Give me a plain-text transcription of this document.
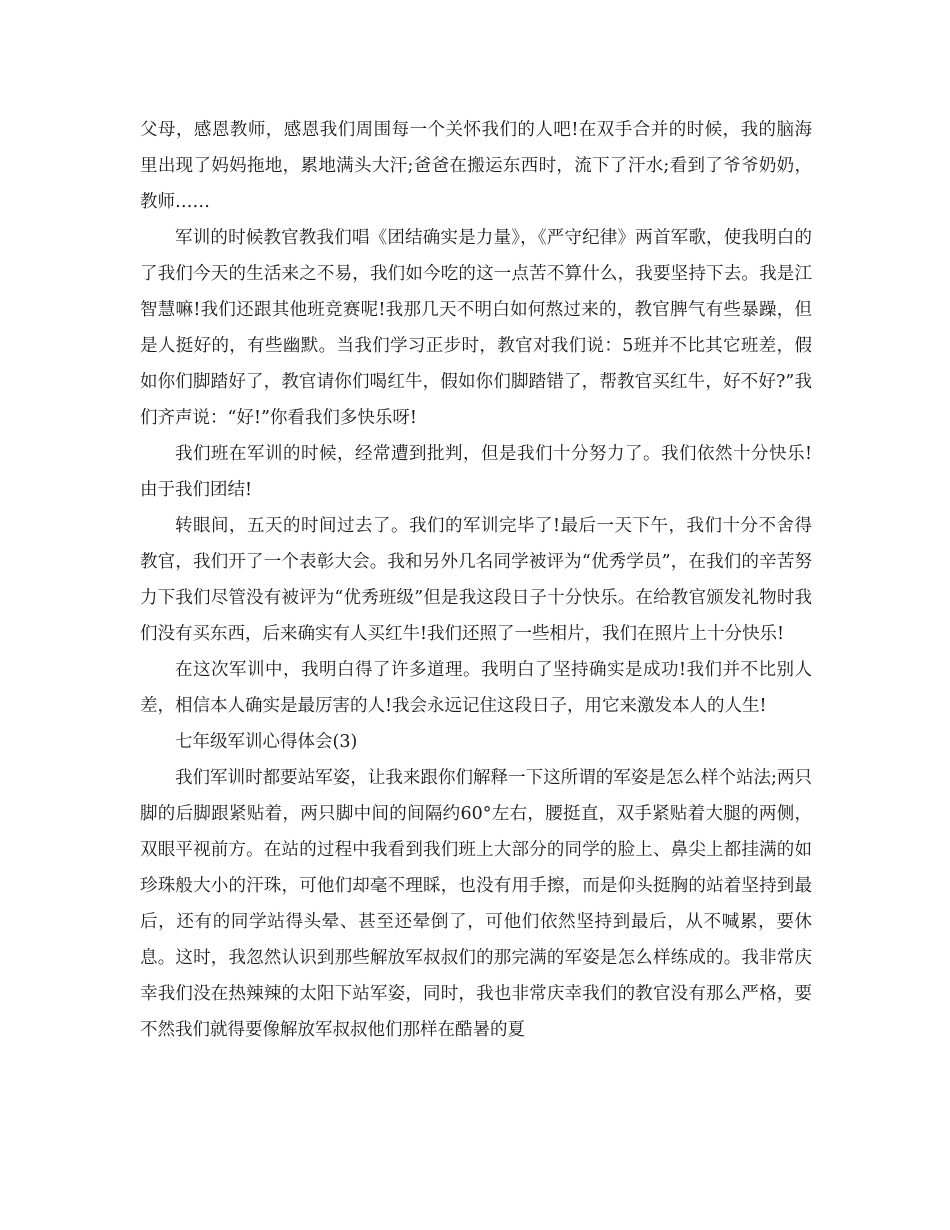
父母，感恩教师，感恩我们周围每一个关怀我们的人吧!在双手合并的时候，我的脑海里出现了妈妈拖地，累地满头大汗;爸爸在搬运东西时，流下了汗水;看到了爷爷奶奶，教师……

军训的时候教官教我们唱《团结确实是力量》，《严守纪律》两首军歌，使我明白的了我们今天的生活来之不易，我们如今吃的这一点苦不算什么，我要坚持下去。我是江智慧嘛!我们还跟其他班竞赛呢!我那几天不明白如何熬过来的，教官脾气有些暴躁，但是人挺好的，有些幽默。当我们学习正步时，教官对我们说：5班并不比其它班差，假如你们脚踏好了，教官请你们喝红牛，假如你们脚踏错了，帮教官买红牛，好不好?”我们齐声说：“好!”你看我们多快乐呀!

我们班在军训的时候，经常遭到批判，但是我们十分努力了。我们依然十分快乐!由于我们团结!

转眼间，五天的时间过去了。我们的军训完毕了!最后一天下午，我们十分不舍得教官，我们开了一个表彰大会。我和另外几名同学被评为“优秀学员”，在我们的辛苦努力下我们尽管没有被评为“优秀班级”但是我这段日子十分快乐。在给教官颁发礼物时我们没有买东西，后来确实有人买红牛!我们还照了一些相片，我们在照片上十分快乐!

在这次军训中，我明白得了许多道理。我明白了坚持确实是成功!我们并不比别人差，相信本人确实是最厉害的人!我会永远记住这段日子，用它来激发本人的人生!

七年级军训心得体会(3)

我们军训时都要站军姿，让我来跟你们解释一下这所谓的军姿是怎么样个站法;两只脚的后脚跟紧贴着，两只脚中间的间隔约60°左右，腰挺直，双手紧贴着大腿的两侧，双眼平视前方。在站的过程中我看到我们班上大部分的同学的脸上、鼻尖上都挂满的如珍珠般大小的汗珠，可他们却毫不理睬，也没有用手擦，而是仰头挺胸的站着坚持到最后，还有的同学站得头晕、甚至还晕倒了，可他们依然坚持到最后，从不喊累，要休息。这时，我忽然认识到那些解放军叔叔们的那完满的军姿是怎么样练成的。我非常庆幸我们没在热辣辣的太阳下站军姿，同时，我也非常庆幸我们的教官没有那么严格，要不然我们就得要像解放军叔叔他们那样在酷暑的夏
